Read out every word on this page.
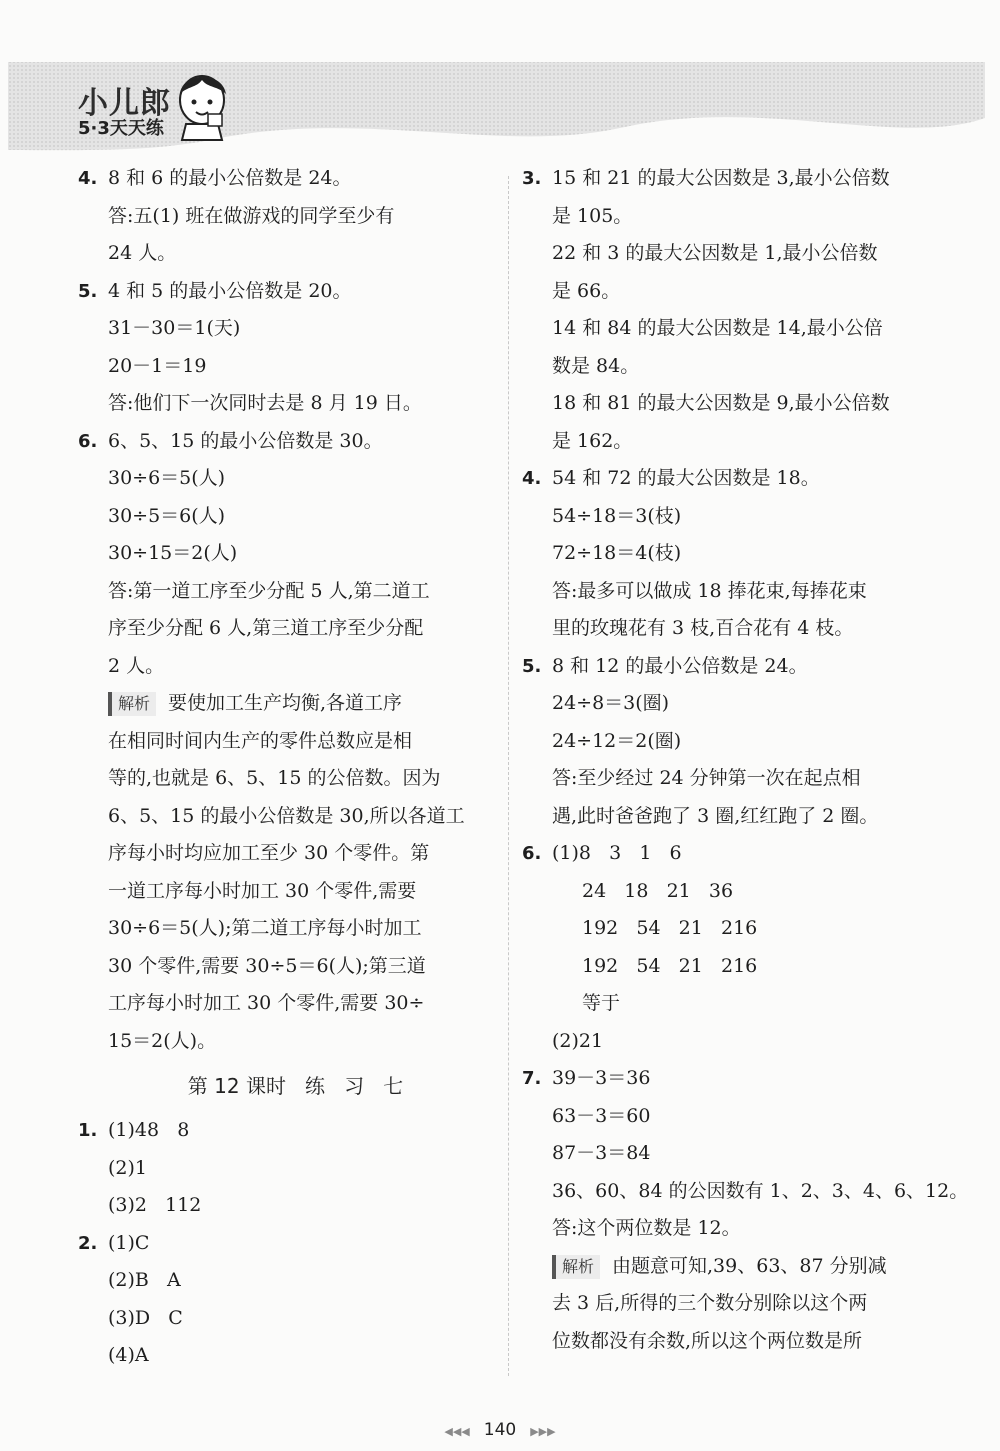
小儿郎
5·3天天练
4. 8 和 6 的最小公倍数是 24。
答:五(1) 班在做游戏的同学至少有
24 人。
5. 4 和 5 的最小公倍数是 20。
31－30＝1(天)
20－1＝19
答:他们下一次同时去是 8 月 19 日。
6. 6、5、15 的最小公倍数是 30。
30÷6＝5(人)
30÷5＝6(人)
30÷15＝2(人)
答:第一道工序至少分配 5 人,第二道工
序至少分配 6 人,第三道工序至少分配
2 人。
解析 要使加工生产均衡,各道工序
在相同时间内生产的零件总数应是相
等的,也就是 6、5、15 的公倍数。因为
6、5、15 的最小公倍数是 30,所以各道工
序每小时均应加工至少 30 个零件。第
一道工序每小时加工 30 个零件,需要
30÷6＝5(人);第二道工序每小时加工
30 个零件,需要 30÷5＝6(人);第三道
工序每小时加工 30 个零件,需要 30÷
15＝2(人)。
第 12 课时   练   习   七
1. (1)48   8
(2)1
(3)2   112
2. (1)C
(2)B   A
(3)D   C
(4)A
3. 15 和 21 的最大公因数是 3,最小公倍数
是 105。
22 和 3 的最大公因数是 1,最小公倍数
是 66。
14 和 84 的最大公因数是 14,最小公倍
数是 84。
18 和 81 的最大公因数是 9,最小公倍数
是 162。
4. 54 和 72 的最大公因数是 18。
54÷18＝3(枝)
72÷18＝4(枝)
答:最多可以做成 18 捧花束,每捧花束
里的玫瑰花有 3 枝,百合花有 4 枝。
5. 8 和 12 的最小公倍数是 24。
24÷8＝3(圈)
24÷12＝2(圈)
答:至少经过 24 分钟第一次在起点相
遇,此时爸爸跑了 3 圈,红红跑了 2 圈。
6. (1)8   3   1   6
24   18   21   36
192   54   21   216
192   54   21   216
等于
(2)21
7. 39－3＝36
63－3＝60
87－3＝84
36、60、84 的公因数有 1、2、3、4、6、12。
答:这个两位数是 12。
解析 由题意可知,39、63、87 分别减
去 3 后,所得的三个数分别除以这个两
位数都没有余数,所以这个两位数是所
◀◀◀ 140 ▶▶▶
